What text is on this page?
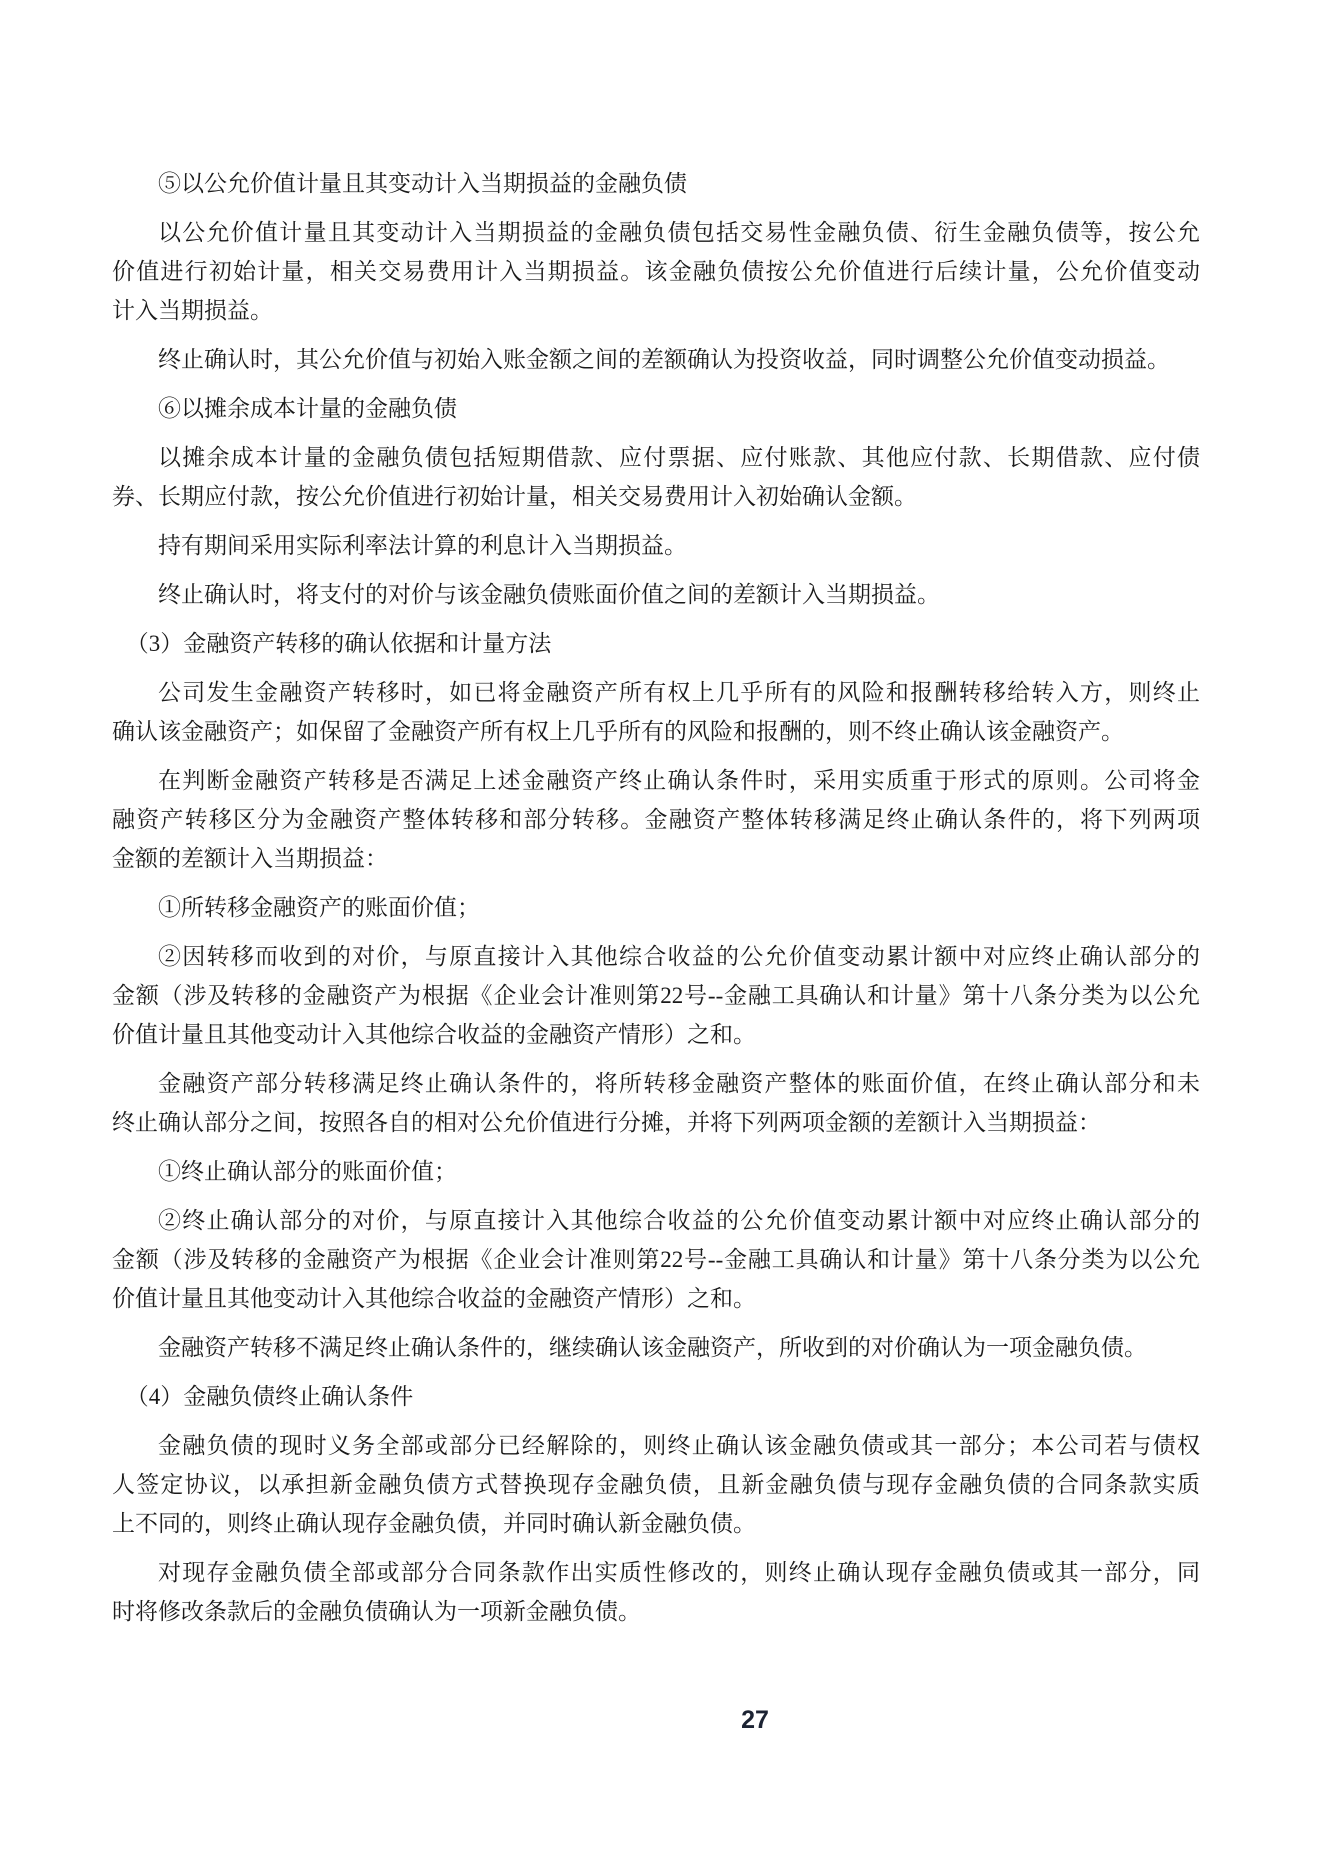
⑤以公允价值计量且其变动计入当期损益的金融负债
以公允价值计量且其变动计入当期损益的金融负债包括交易性金融负债、衍生金融负债等，按公允
价值进行初始计量，相关交易费用计入当期损益。该金融负债按公允价值进行后续计量，公允价值变动
计入当期损益。
终止确认时，其公允价值与初始入账金额之间的差额确认为投资收益，同时调整公允价值变动损益。
⑥以摊余成本计量的金融负债
以摊余成本计量的金融负债包括短期借款、应付票据、应付账款、其他应付款、长期借款、应付债
券、长期应付款，按公允价值进行初始计量，相关交易费用计入初始确认金额。
持有期间采用实际利率法计算的利息计入当期损益。
终止确认时，将支付的对价与该金融负债账面价值之间的差额计入当期损益。
（3）金融资产转移的确认依据和计量方法
公司发生金融资产转移时，如已将金融资产所有权上几乎所有的风险和报酬转移给转入方，则终止
确认该金融资产；如保留了金融资产所有权上几乎所有的风险和报酬的，则不终止确认该金融资产。
在判断金融资产转移是否满足上述金融资产终止确认条件时，采用实质重于形式的原则。公司将金
融资产转移区分为金融资产整体转移和部分转移。金融资产整体转移满足终止确认条件的，将下列两项
金额的差额计入当期损益：
①所转移金融资产的账面价值；
②因转移而收到的对价，与原直接计入其他综合收益的公允价值变动累计额中对应终止确认部分的
金额（涉及转移的金融资产为根据《企业会计准则第22号--金融工具确认和计量》第十八条分类为以公允
价值计量且其他变动计入其他综合收益的金融资产情形）之和。
金融资产部分转移满足终止确认条件的，将所转移金融资产整体的账面价值，在终止确认部分和未
终止确认部分之间，按照各自的相对公允价值进行分摊，并将下列两项金额的差额计入当期损益：
①终止确认部分的账面价值；
②终止确认部分的对价，与原直接计入其他综合收益的公允价值变动累计额中对应终止确认部分的
金额（涉及转移的金融资产为根据《企业会计准则第22号--金融工具确认和计量》第十八条分类为以公允
价值计量且其他变动计入其他综合收益的金融资产情形）之和。
金融资产转移不满足终止确认条件的，继续确认该金融资产，所收到的对价确认为一项金融负债。
（4）金融负债终止确认条件
金融负债的现时义务全部或部分已经解除的，则终止确认该金融负债或其一部分；本公司若与债权
人签定协议，以承担新金融负债方式替换现存金融负债，且新金融负债与现存金融负债的合同条款实质
上不同的，则终止确认现存金融负债，并同时确认新金融负债。
对现存金融负债全部或部分合同条款作出实质性修改的，则终止确认现存金融负债或其一部分，同
时将修改条款后的金融负债确认为一项新金融负债。
27
